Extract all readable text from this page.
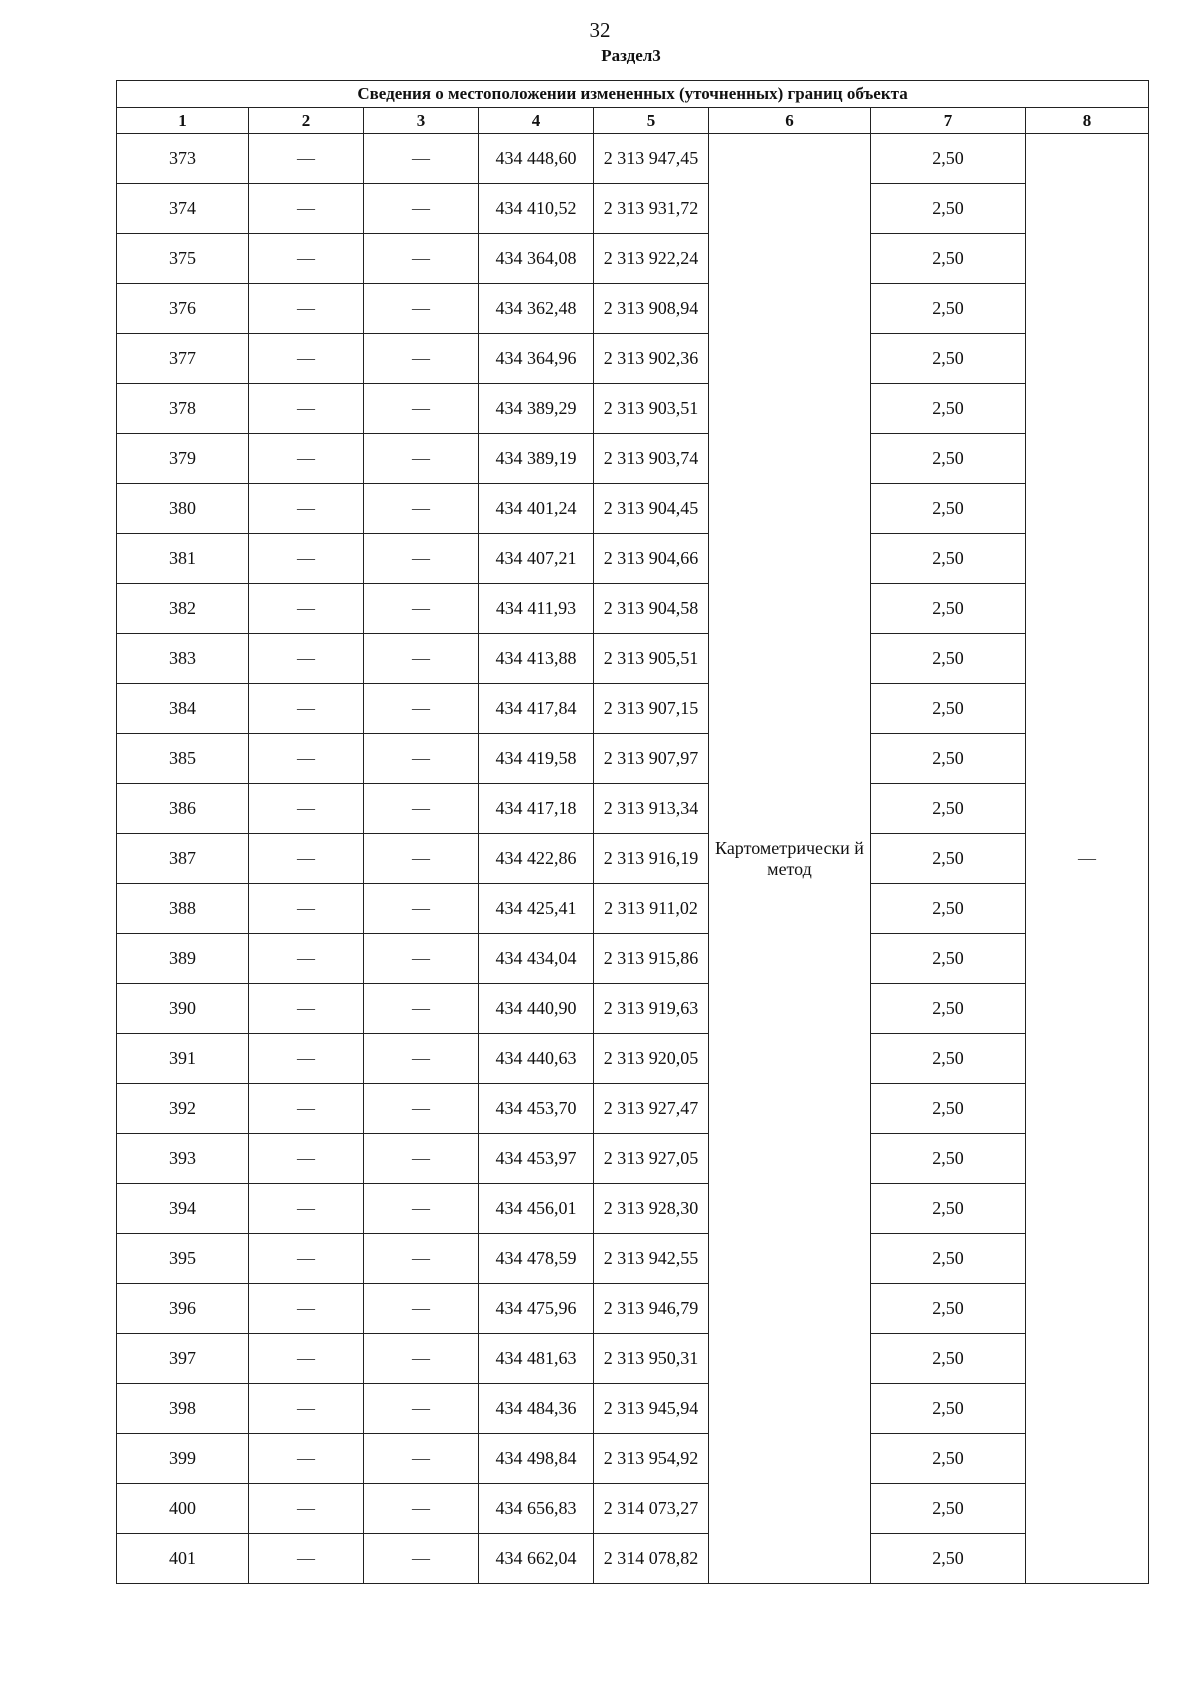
32
Раздел3
Сведения о местоположении измененных (уточненных) границ объекта							
1	2	3	4	5	6	7	8
373	—	—	434 448,60	2 313 947,45	Картометрически й метод	2,50	—
374	—	—	434 410,52	2 313 931,72		2,50	
375	—	—	434 364,08	2 313 922,24		2,50	
376	—	—	434 362,48	2 313 908,94		2,50	
377	—	—	434 364,96	2 313 902,36		2,50	
378	—	—	434 389,29	2 313 903,51		2,50	
379	—	—	434 389,19	2 313 903,74		2,50	
380	—	—	434 401,24	2 313 904,45		2,50	
381	—	—	434 407,21	2 313 904,66		2,50	
382	—	—	434 411,93	2 313 904,58		2,50	
383	—	—	434 413,88	2 313 905,51		2,50	
384	—	—	434 417,84	2 313 907,15		2,50	
385	—	—	434 419,58	2 313 907,97		2,50	
386	—	—	434 417,18	2 313 913,34		2,50	
387	—	—	434 422,86	2 313 916,19		2,50	
388	—	—	434 425,41	2 313 911,02		2,50	
389	—	—	434 434,04	2 313 915,86		2,50	
390	—	—	434 440,90	2 313 919,63		2,50	
391	—	—	434 440,63	2 313 920,05		2,50	
392	—	—	434 453,70	2 313 927,47		2,50	
393	—	—	434 453,97	2 313 927,05		2,50	
394	—	—	434 456,01	2 313 928,30		2,50	
395	—	—	434 478,59	2 313 942,55		2,50	
396	—	—	434 475,96	2 313 946,79		2,50	
397	—	—	434 481,63	2 313 950,31		2,50	
398	—	—	434 484,36	2 313 945,94		2,50	
399	—	—	434 498,84	2 313 954,92		2,50	
400	—	—	434 656,83	2 314 073,27		2,50	
401	—	—	434 662,04	2 314 078,82		2,50	
